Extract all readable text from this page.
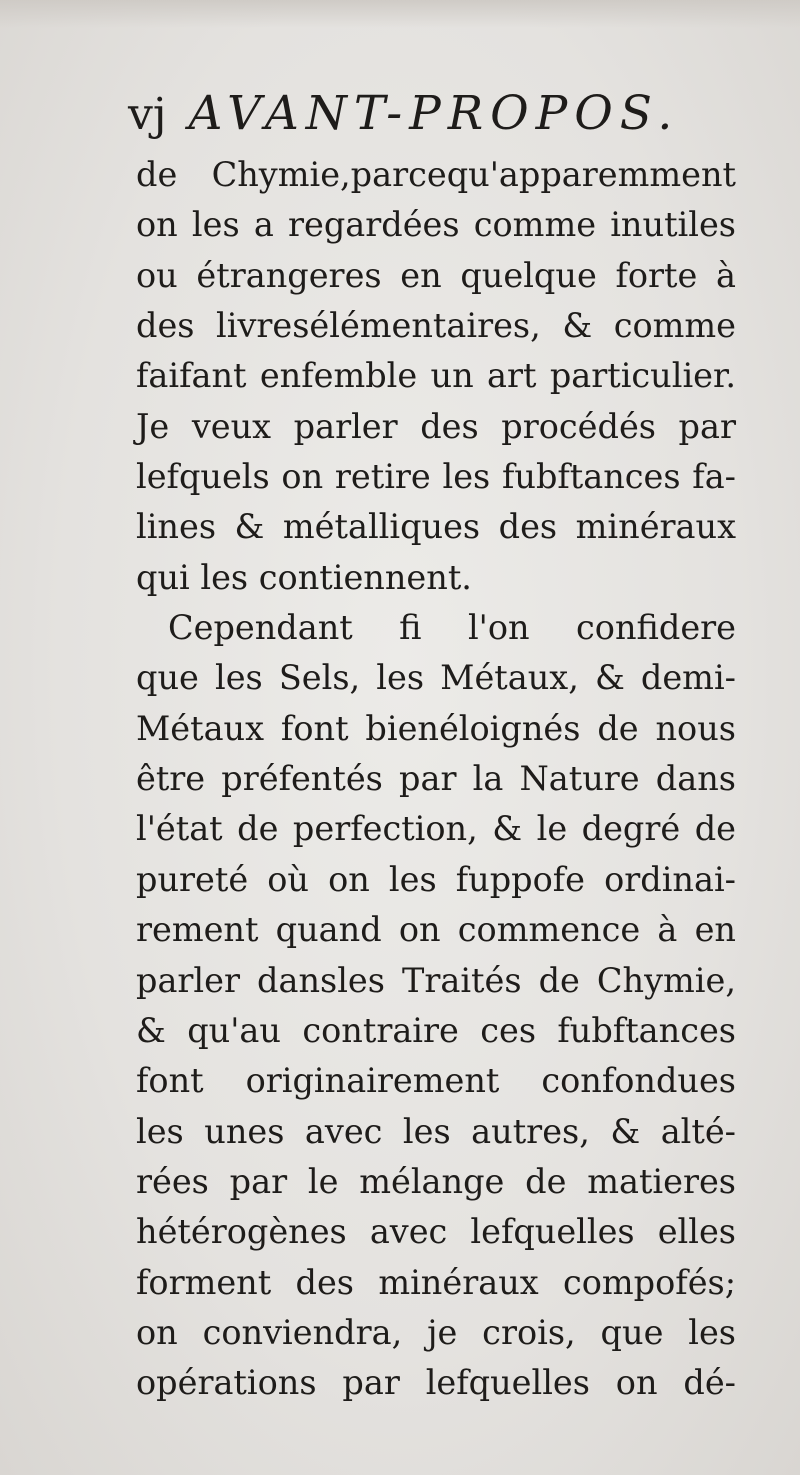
vj AVANT-PROPOS.
de Chymie,parcequ'apparemment
on les a regardées comme inutiles
ou étrangeres en quelque forte à
des livresélémentaires, & comme
faifant enfemble un art particulier.
Je veux parler des procédés par
lefquels on retire les fubftances fa-
lines & métalliques des minéraux
qui les contiennent.
Cependant fi l'on confidere
que les Sels, les Métaux, & demi-
Métaux font bienéloignés de nous
être préfentés par la Nature dans
l'état de perfection, & le degré de
pureté où on les fuppofe ordinai-
rement quand on commence à en
parler dansles Traités de Chymie,
& qu'au contraire ces fubftances
font originairement confondues
les unes avec les autres, & alté-
rées par le mélange de matieres
hétérogènes avec lefquelles elles
forment des minéraux compofés;
on conviendra, je crois, que les
opérations par lefquelles on dé-
